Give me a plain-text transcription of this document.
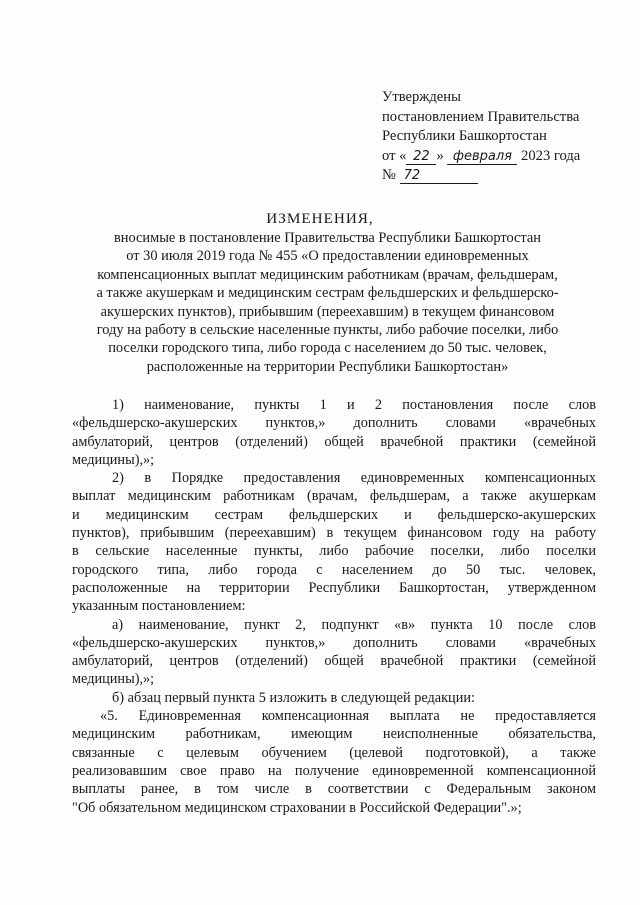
Утверждены
постановлением Правительства
Республики Башкортостан
от « 22 » февраля 2023 года
№ 72
ИЗМЕНЕНИЯ,
вносимые в постановление Правительства Республики Башкортостан
от 30 июля 2019 года № 455 «О предоставлении единовременных
компенсационных выплат медицинским работникам (врачам, фельдшерам,
а также акушеркам и медицинским сестрам фельдшерских и фельдшерско-
акушерских пунктов), прибывшим (переехавшим) в текущем финансовом
году на работу в сельские населенные пункты, либо рабочие поселки, либо
поселки городского типа, либо города с населением до 50 тыс. человек,
расположенные на территории Республики Башкортостан»
1) наименование, пункты 1 и 2 постановления после слов
«фельдшерско-акушерских пунктов,» дополнить словами «врачебных
амбулаторий, центров (отделений) общей врачебной практики (семейной
медицины),»;
2) в Порядке предоставления единовременных компенсационных
выплат медицинским работникам (врачам, фельдшерам, а также акушеркам
и медицинским сестрам фельдшерских и фельдшерско-акушерских
пунктов), прибывшим (переехавшим) в текущем финансовом году на работу
в сельские населенные пункты, либо рабочие поселки, либо поселки
городского типа, либо города с населением до 50 тыс. человек,
расположенные на территории Республики Башкортостан, утвержденном
указанным постановлением:
а) наименование, пункт 2, подпункт «в» пункта 10 после слов
«фельдшерско-акушерских пунктов,» дополнить словами «врачебных
амбулаторий, центров (отделений) общей врачебной практики (семейной
медицины),»;
б) абзац первый пункта 5 изложить в следующей редакции:
«5. Единовременная компенсационная выплата не предоставляется
медицинским работникам, имеющим неисполненные обязательства,
связанные с целевым обучением (целевой подготовкой), а также
реализовавшим свое право на получение единовременной компенсационной
выплаты ранее, в том числе в соответствии с Федеральным законом
"Об обязательном медицинском страховании в Российской Федерации".»;
